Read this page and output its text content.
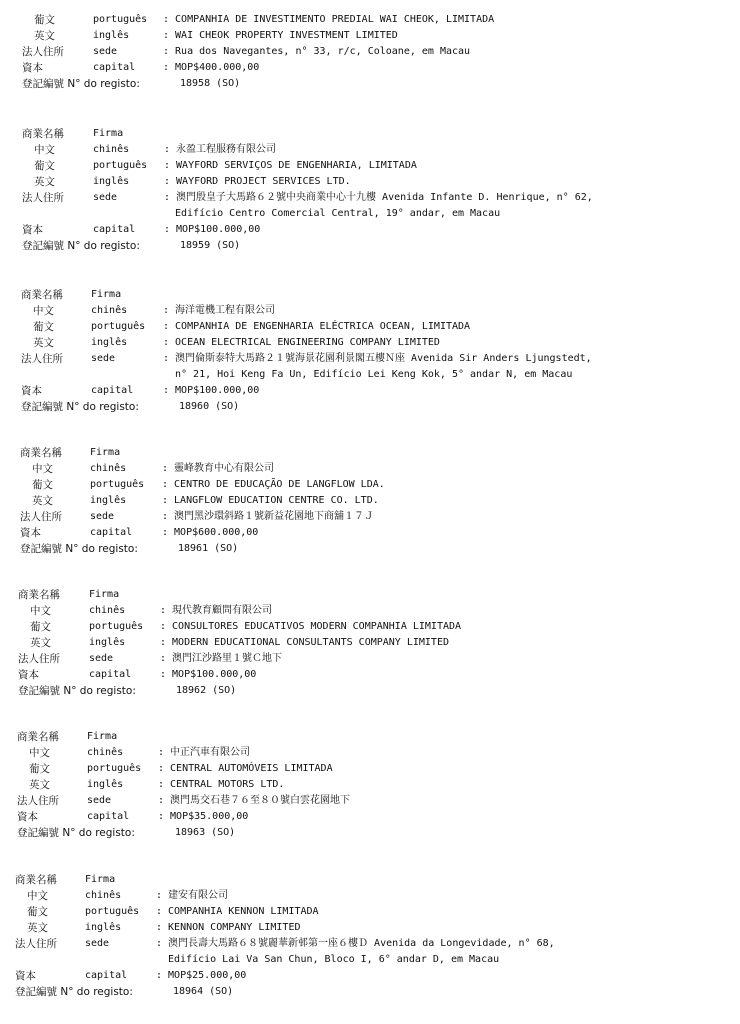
葡文	português : COMPANHIA DE INVESTIMENTO PREDIAL WAI CHEOK, LIMITADA
英文	inglês	: WAI CHEOK PROPERTY INVESTMENT LIMITED
法人住所	sede	: Rua dos Navegantes, n° 33, r/c, Coloane, em Macau
資本	capital	: MOP$400.000,00
登記編號 N° do registo:	18958 (SO)
商業名稱	Firma
中文	chinês	: 永盈工程服務有限公司
葡文	português : WAYFORD SERVIÇOS DE ENGENHARIA, LIMITADA
英文	inglês	: WAYFORD PROJECT SERVICES LTD.
法人住所	sede	: 澳門殷皇子大馬路６２號中央商業中心十九樓 Avenida Infante D. Henrique, n° 62,
Edifício Centro Comercial Central, 19° andar, em Macau
資本	capital	: MOP$100.000,00
登記編號 N° do registo:	18959 (SO)
商業名稱	Firma
中文	chinês	: 海洋電機工程有限公司
葡文	português : COMPANHIA DE ENGENHARIA ELÉCTRICA OCEAN, LIMITADA
英文	inglês	: OCEAN ELECTRICAL ENGINEERING COMPANY LIMITED
法人住所	sede	: 澳門倫斯泰特大馬路２１號海景花園利景閣五樓Ｎ座 Avenida Sir Anders Ljungstedt,
n° 21, Hoi Keng Fa Un, Edifício Lei Keng Kok, 5° andar N, em Macau
資本	capital	: MOP$100.000,00
登記編號 N° do registo:	18960 (SO)
商業名稱	Firma
中文	chinês	: 靈峰教育中心有限公司
葡文	português : CENTRO DE EDUCAÇÃO DE LANGFLOW LDA.
英文	inglês	: LANGFLOW EDUCATION CENTRE CO. LTD.
法人住所	sede	: 澳門黑沙環斜路１號新益花園地下商舖１７Ｊ
資本	capital	: MOP$600.000,00
登記編號 N° do registo:	18961 (SO)
商業名稱	Firma
中文	chinês	: 現代教育顧問有限公司
葡文	português : CONSULTORES EDUCATIVOS MODERN COMPANHIA LIMITADA
英文	inglês	: MODERN EDUCATIONAL CONSULTANTS COMPANY LIMITED
法人住所	sede	: 澳門江沙路里１號Ｃ地下
資本	capital	: MOP$100.000,00
登記編號 N° do registo:	18962 (SO)
商業名稱	Firma
中文	chinês	: 中正汽車有限公司
葡文	português : CENTRAL AUTOMÓVEIS LIMITADA
英文	inglês	: CENTRAL MOTORS LTD.
法人住所	sede	: 澳門馬交石巷７６至８０號白雲花園地下
資本	capital	: MOP$35.000,00
登記編號 N° do registo:	18963 (SO)
商業名稱	Firma
中文	chinês	: 建安有限公司
葡文	português : COMPANHIA KENNON LIMITADA
英文	inglês	: KENNON COMPANY LIMITED
法人住所	sede	: 澳門長壽大馬路６８號麗華新邨第一座６樓Ｄ Avenida da Longevidade, n° 68,
Edifício Lai Va San Chun, Bloco I, 6° andar D, em Macau
資本	capital	: MOP$25.000,00
登記編號 N° do registo:	18964 (SO)
